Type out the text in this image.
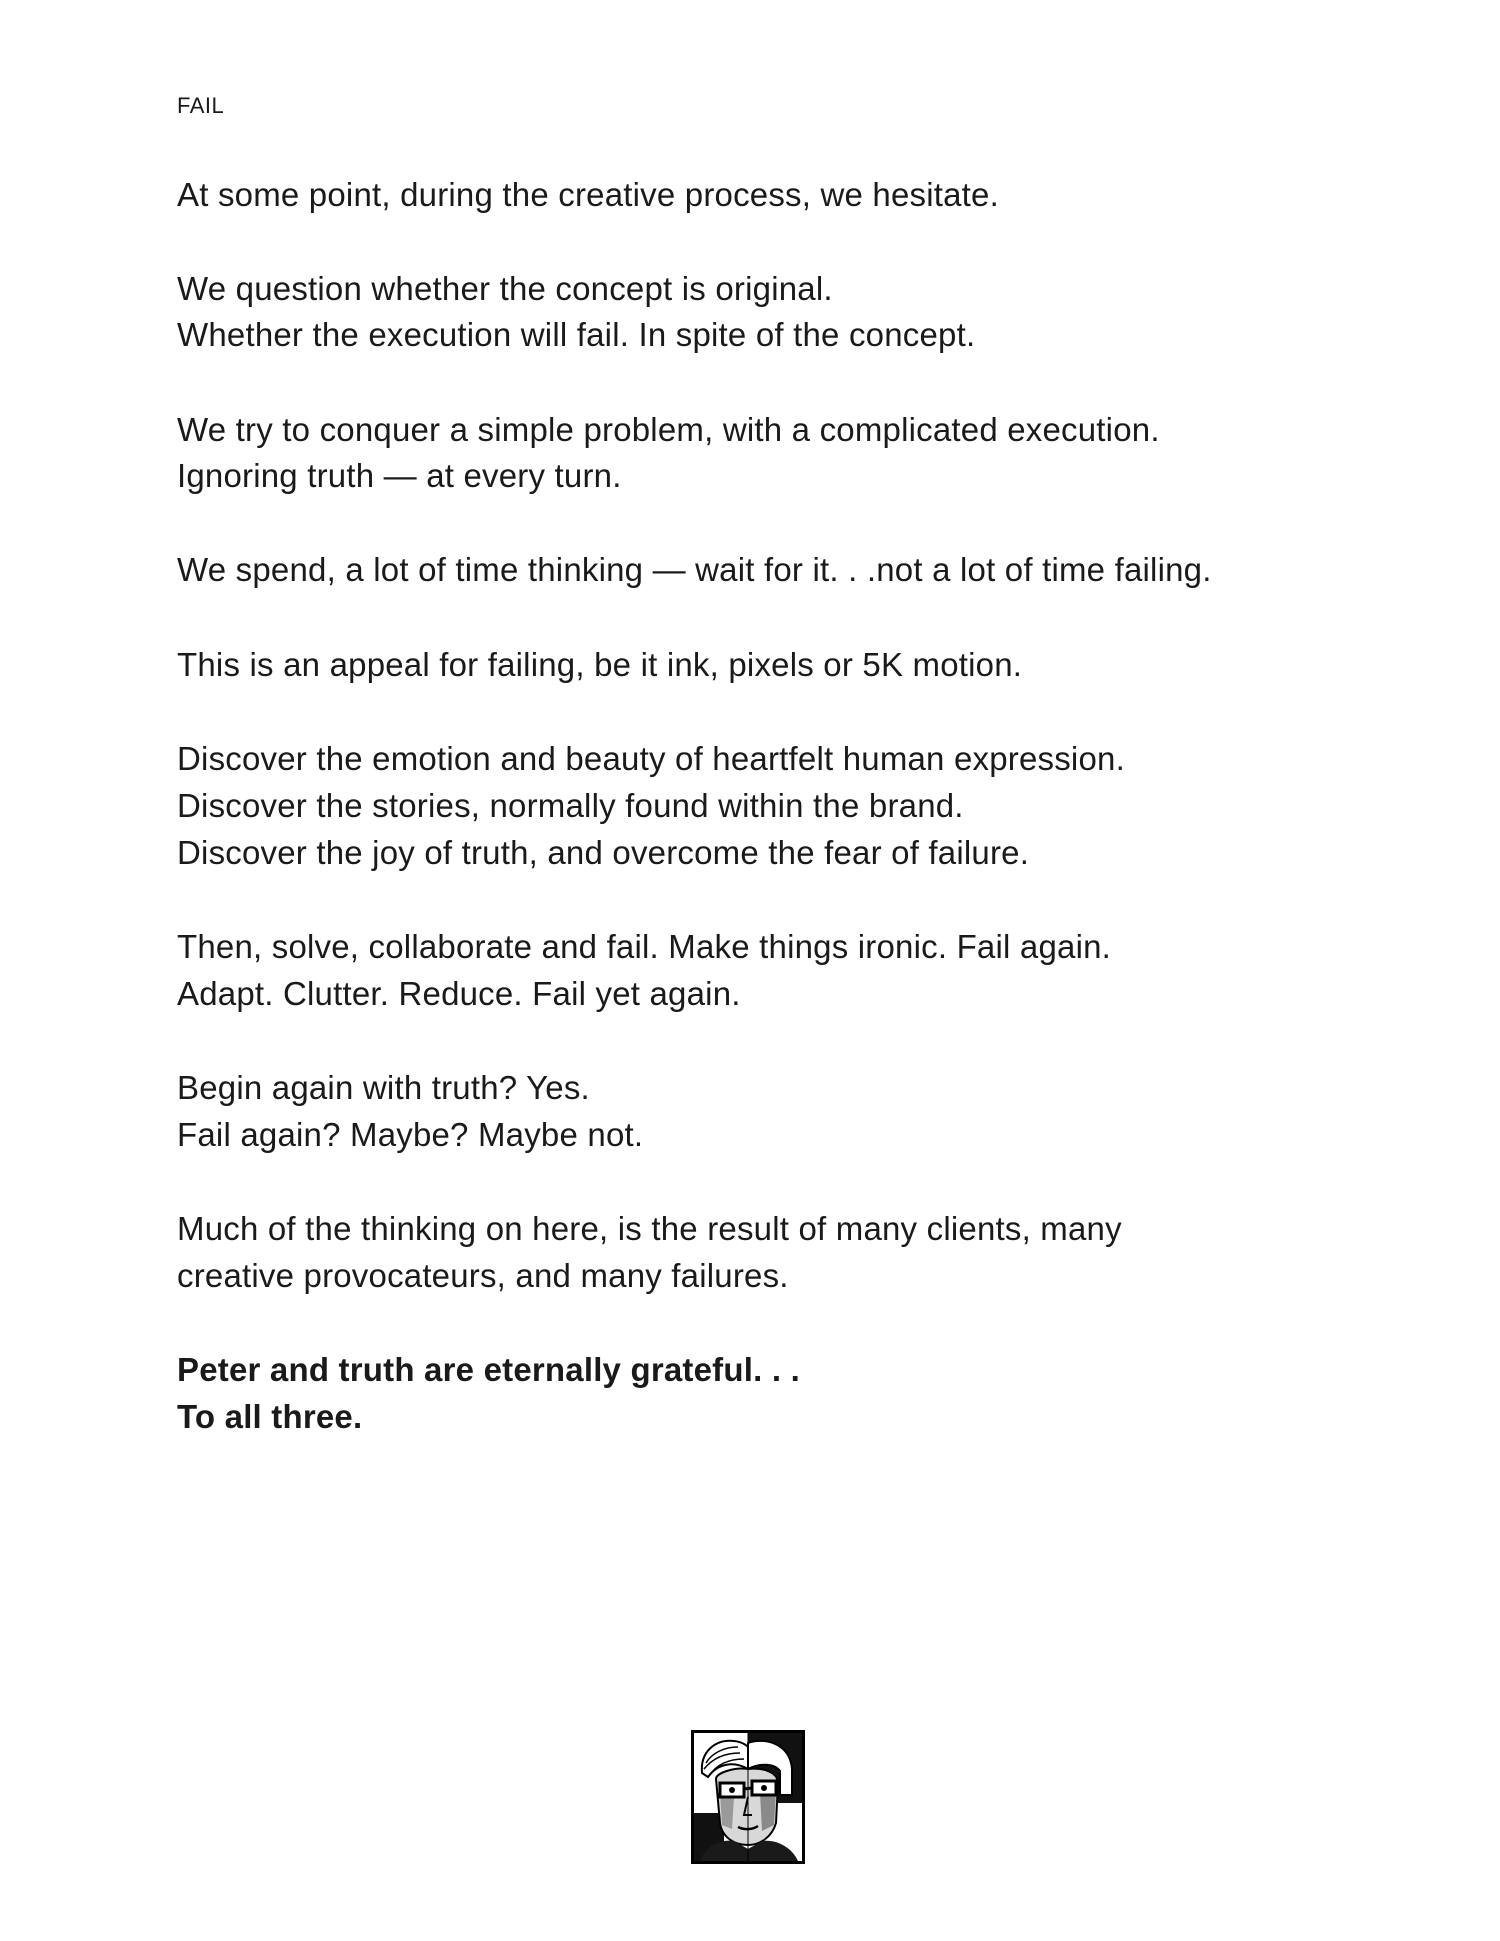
FAIL
At some point, during the creative process, we hesitate.
We question whether the concept is original.
Whether the execution will fail. In spite of the concept.
We try to conquer a simple problem, with a complicated execution.
Ignoring truth — at every turn.
We spend, a lot of time thinking — wait for it. . .not a lot of time failing.
This is an appeal for failing, be it ink, pixels or 5K motion.
Discover the emotion and beauty of heartfelt human expression.
Discover the stories, normally found within the brand.
Discover the joy of truth, and overcome the fear of failure.
Then, solve, collaborate and fail. Make things ironic. Fail again.
Adapt. Clutter. Reduce. Fail yet again.
Begin again with truth? Yes.
Fail again? Maybe? Maybe not.
Much of the thinking on here, is the result of many clients, many
creative provocateurs, and many failures.
Peter and truth are eternally grateful. . .
To all three.
